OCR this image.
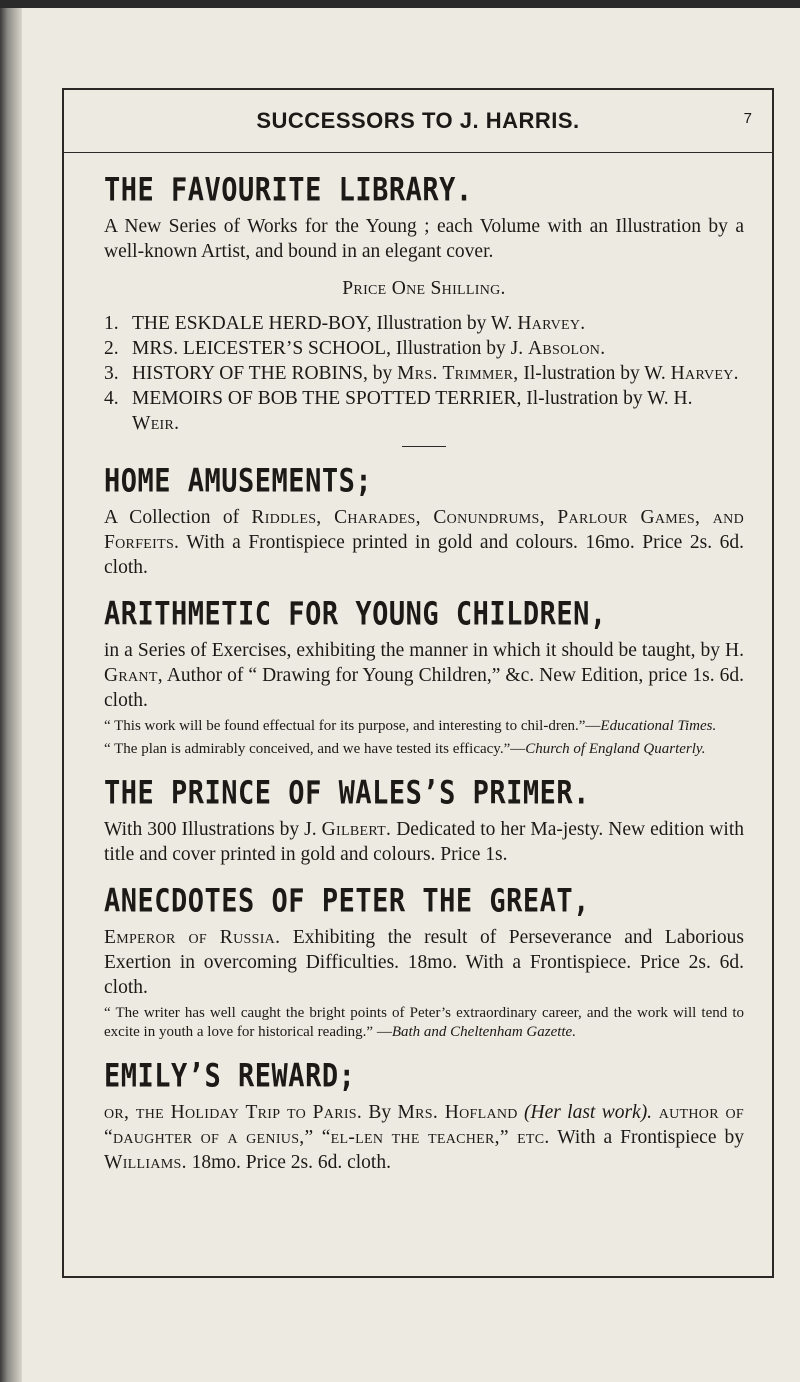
SUCCESSORS TO J. HARRIS.	7
THE FAVOURITE LIBRARY.

A New Series of Works for the Young ; each Volume with an Illustration by a well-known Artist, and bound in an elegant cover.

Price One Shilling.

1. THE ESKDALE HERD-BOY, Illustration by W. Harvey.
2. MRS. LEICESTER’S SCHOOL, Illustration by J. Absolon.
3. HISTORY OF THE ROBINS, by Mrs. Trimmer, Il-lustration by W. Harvey.
4. MEMOIRS OF BOB THE SPOTTED TERRIER, Il-lustration by W. H. Weir.
HOME AMUSEMENTS;

A Collection of Riddles, Charades, Conundrums, Parlour Games, and Forfeits. With a Frontispiece printed in gold and colours. 16mo. Price 2s. 6d. cloth.

ARITHMETIC FOR YOUNG CHILDREN,

in a Series of Exercises, exhibiting the manner in which it should be taught, by H. Grant, Author of “ Drawing for Young Children,” &c. New Edition, price 1s. 6d. cloth.

“ This work will be found effectual for its purpose, and interesting to chil-dren.”—Educational Times.

“ The plan is admirably conceived, and we have tested its efficacy.”—Church of England Quarterly.

THE PRINCE OF WALES’S PRIMER.

With 300 Illustrations by J. Gilbert. Dedicated to her Ma-jesty. New edition with title and cover printed in gold and colours. Price 1s.

ANECDOTES OF PETER THE GREAT,

Emperor of Russia. Exhibiting the result of Perseverance and Laborious Exertion in overcoming Difficulties. 18mo. With a Frontispiece. Price 2s. 6d. cloth.

“ The writer has well caught the bright points of Peter’s extraordinary career, and the work will tend to excite in youth a love for historical reading.” —Bath and Cheltenham Gazette.

EMILY’S REWARD;

or, the Holiday Trip to Paris. By Mrs. Hofland (Her last work). author of “daughter of a genius,” “el-len the teacher,” etc. With a Frontispiece by Williams. 18mo. Price 2s. 6d. cloth.
